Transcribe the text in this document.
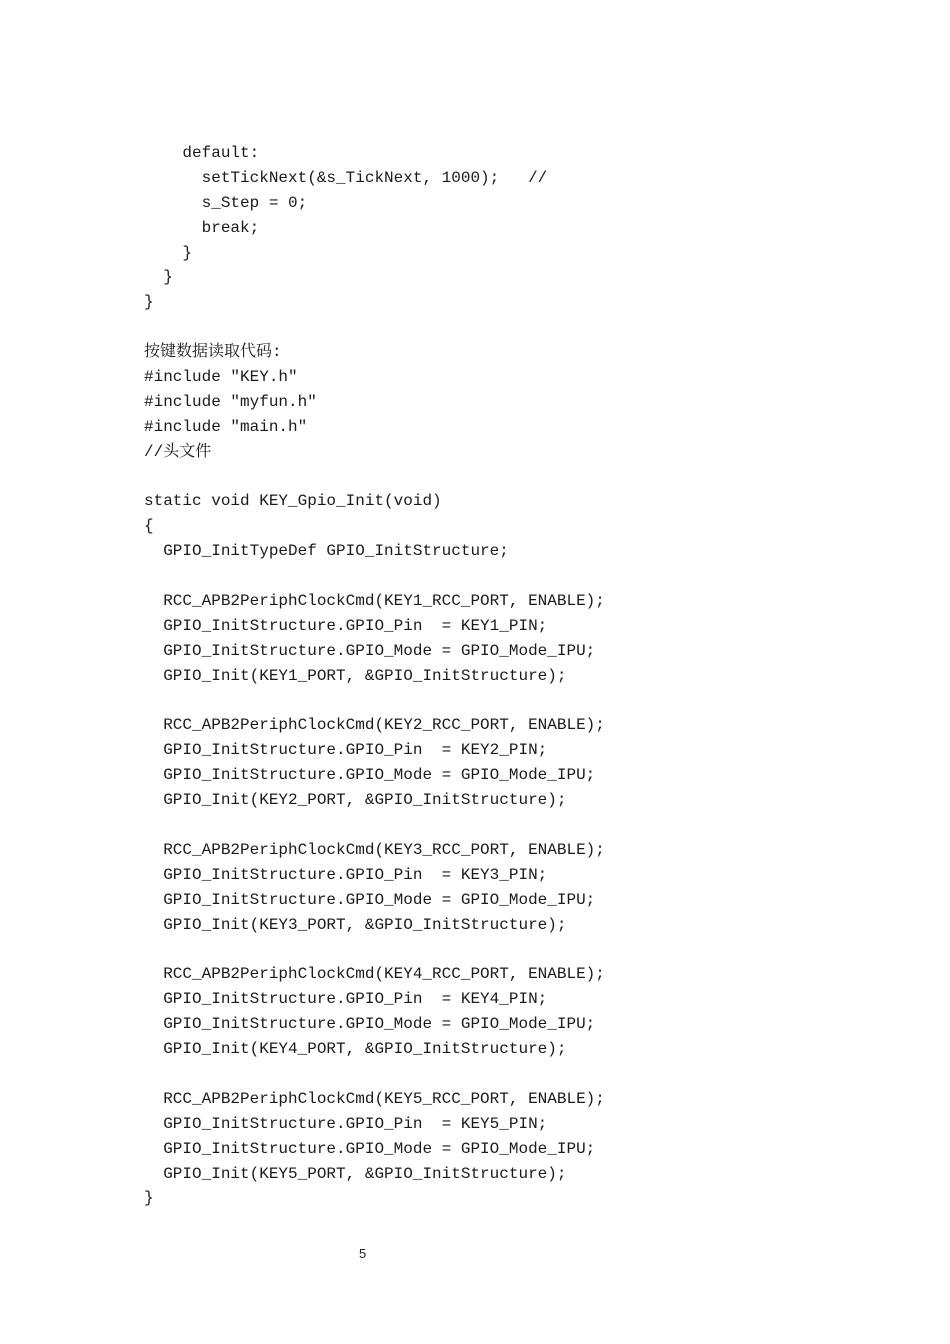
default:
setTickNext(&s_TickNext, 1000);   //
s_Step = 0;
break;
}
}
}
按键数据读取代码:
#include ″KEY.h″
#include ″myfun.h″
#include ″main.h″
//头文件
static void KEY_Gpio_Init(void)
{
GPIO_InitTypeDef GPIO_InitStructure;
RCC_APB2PeriphClockCmd(KEY1_RCC_PORT, ENABLE);
GPIO_InitStructure.GPIO_Pin  = KEY1_PIN;
GPIO_InitStructure.GPIO_Mode = GPIO_Mode_IPU;
GPIO_Init(KEY1_PORT, &GPIO_InitStructure);
RCC_APB2PeriphClockCmd(KEY2_RCC_PORT, ENABLE);
GPIO_InitStructure.GPIO_Pin  = KEY2_PIN;
GPIO_InitStructure.GPIO_Mode = GPIO_Mode_IPU;
GPIO_Init(KEY2_PORT, &GPIO_InitStructure);
RCC_APB2PeriphClockCmd(KEY3_RCC_PORT, ENABLE);
GPIO_InitStructure.GPIO_Pin  = KEY3_PIN;
GPIO_InitStructure.GPIO_Mode = GPIO_Mode_IPU;
GPIO_Init(KEY3_PORT, &GPIO_InitStructure);
RCC_APB2PeriphClockCmd(KEY4_RCC_PORT, ENABLE);
GPIO_InitStructure.GPIO_Pin  = KEY4_PIN;
GPIO_InitStructure.GPIO_Mode = GPIO_Mode_IPU;
GPIO_Init(KEY4_PORT, &GPIO_InitStructure);
RCC_APB2PeriphClockCmd(KEY5_RCC_PORT, ENABLE);
GPIO_InitStructure.GPIO_Pin  = KEY5_PIN;
GPIO_InitStructure.GPIO_Mode = GPIO_Mode_IPU;
GPIO_Init(KEY5_PORT, &GPIO_InitStructure);
}
5
